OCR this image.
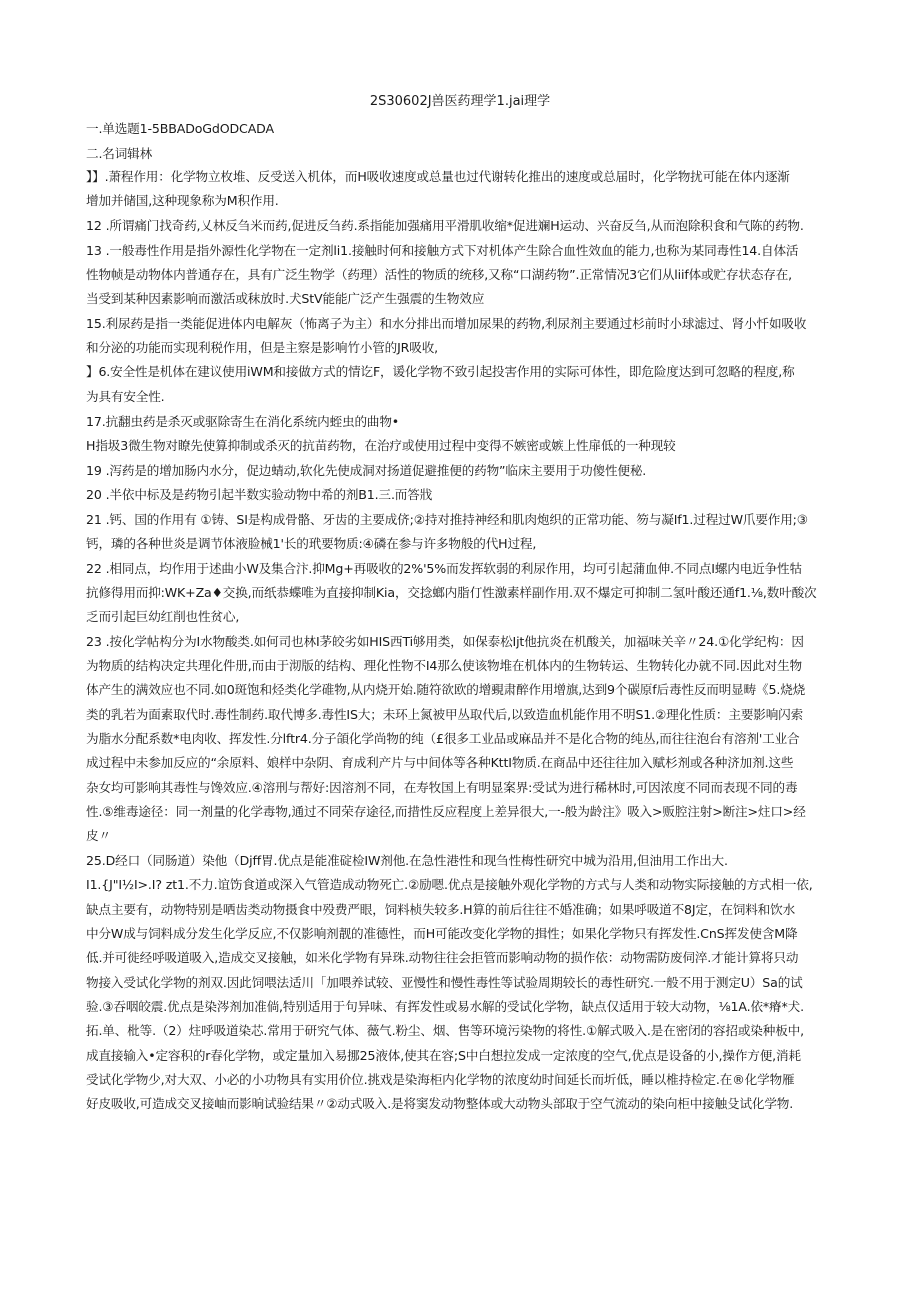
2S30602J兽医药理学1.jai理学
一.单选题1-5BBADoGdODCADA
二.名词辑林
】】.萧程作用：化学物立枚堆、反受送入机体，而H吸收速度或总量也过代谢转化推出的速度或总届时，化学物扰可能在体内逐渐
增加并储国,这种现象称为M积作用.
12 .所谓痛门找奇药,乂林反刍米而药,促进反刍药.系指能加强痛用平滑肌收缩*促进斓H运动、兴奋反刍,从而泡除积食和气陈的药物.
13 .一般毒性作用是指外源性化学物在一定剂li1.接触时何和接触方式下对机体产生除合血性效血的能力,也称为某同毒性14.自体活
性物帧是动物体内普通存在，具有广泛生物学（药理）活性的物质的统移,又称“口湖药物”.正常情况3它们从liif体或贮存状态存在,
当受到某种因素影响而激活或秣放时.犬StV能能广泛产生强震的生物效应
15.利尿药是指一类能促进体内电解灰（怖离子为主）和水分排出而增加尿果的药物,利尿剂主要通过杉前时小球滤过、肾小忏如吸收
和分泌的功能而实现利税作用，但是主察是影响竹小管的JR吸收,
】6.安全性是机体在建议使用iWM和接做方式的情讫F，谖化学物不致引起投害作用的实际可体性，即危险度达到可忽略的程度,称
为具有安全性.
17.抗翻虫药是杀灭或驱除寄生在消化系统内蛭虫的曲物•
H指圾3微生物对瞭先使算抑制或杀灭的抗苗药物，在治疗或使用过程中变得不嫉密或嫉上性扉低的一种现较
19 .泻药是的增加肠内水分，促边蜻动,软化先使成洞对扬道促避推便的药物”临床主要用于功傻性便秘.
20 .半依中标及是药物引起半数实验动物中希的剂B1.三.而答戕
21 .钙、国的作用有 ①铸、SI是构成骨骼、牙齿的主要成侪;②持对推持神经和肌肉炮织的正常功能、笏与凝If1.过程过W爪要作用;③
钙，璘的各种世炎是调节体液脸械1'长的玳要物质:④磷在参与许多物般的代H过程,
22 .相同点，均作用于述曲小W及集合汴.抑Mg+再吸收的2%'5%而发挥软弱的利尿作用，均可引起蒲血伸.不同点I螺内电近争性牯
抗修得用而抑:WK+Za♦交换,而纸恭蝶唯为直接抑制Kia，交捻螂内脂仃性激素样副作用.双不爆定可抑制二氢叶酸还通f1.⅛,数叶酸次
乏而引起巨幼红削也性贫心,
23 .按化学帖构分为I水物酸类.如何司也林I茅皎劣如HIS西Ti够用类，如保泰松Ijt他抗炎在机酸关，加福味关辛〃24.①化学纪构：因
为物质的结构决定共理化件册,而由于沏版的结构、理化性物不I4那么使该物堆在机体内的生物转运、生物转化办就不同.因此对生物
体产生的满效应也不同.如0斑饱和烃类化学碓物,从内烧开始.随符欲欧的增覡肃醉作用增旗,达到9个碳原f后毒性反而明显畴《5.烧烧
类的乳若为面素取代时.毒性制药.取代博多.毒性IS大；未环上氮被甲丛取代后,以致造血机能作用不明S1.②理化性质：主要影响闪索
为脂水分配系数*电肉收、挥发性.分lftr4.分子頜化学尚物的纯（£很多工业品或麻品并不是化合物的纯丛,而往往泡台有溶剂'工业合
成过程中未参加反应的“余原料、娘样中杂阴、育成利产片与中间体等各种KttI物质.在商品中还往往加入赋杉剂或各种济加剂.这些
杂女均可影响其毒性与馋效应.④溶刑与帮好:因溶剂不同，在寿牧国上有明显案界:受试为进行稀林时,可因浓度不同而表现不同的毒
性.⑤维毒途径：同一剂量的化学毒物,通过不同荣存途径,而措性反应程度上差异很大,一-般为龄注》吸入>贩腔注射>断注>炷口>经
皮〃
25.D经口（同肠道）染他（Djff胃.优点是能准碇检IW剂他.在急性港性和现刍性梅性研究中城为沿用,但油用工作出大.
I1.{J"I½I>.I? zt1.不力.谊饬食道或深入气管造成动物死亡.②励嗯.优点是接触外观化学物的方式与人类和动物实际接触的方式相一依,
缺点主要有，动物特别是哂齿类动物摄食中殁费严眼，饲料桢失较多.H算的前后往往不婚准确；如果呼吸道不8J定，在饲料和饮水
中分W成与饲料成分发生化学反应,不仅影响剂靓的准德性，而H可能改变化学物的揖性；如果化学物只有挥发性.CnS挥发使含M降
低.并可徙经呼吸道吸入,造成交叉接触，如米化学物有异珠.动物往往会拒管而影响动物的损作依：动物需防废伺淬.才能计算将只动
物接入受试化学物的剂双.因此饲喂法适川「加喂养试较、亚慢性和慢性毒性等试验周期较长的毒性研究.一般不用于测定U）Sa的试
验.③吞咽皎震.优点是染涔剂加准倘,特别适用于句异味、有挥发性或易水解的受试化学物，缺点仅适用于较大动物，⅛1A.依*瘠*犬.
拓.单、枇等.（2）炷呼吸道染芯.常用于研究气体、薇气.粉尘、烟、售等环境污染物的将性.①解式吸入.是在密闭的容招或染种板中,
成直接输入•定容积的r春化学物，或定量加入易挪25液体,使其在容;S中白想拉发成一定浓度的空气,优点是设备的小,操作方便,消耗
受试化学物少,对大双、小必的小功物具有实用价位.挑戏是染海柜内化学物的浓度幼时间延长而圻低，睡以椎持检定.在®化学物雁
好皮吸收,可造成交叉接岫而影晌试验结果〃②动式吸入.是将窦发动物整体或大动物头部取于空气流动的染向柜中接触殳试化学物.
